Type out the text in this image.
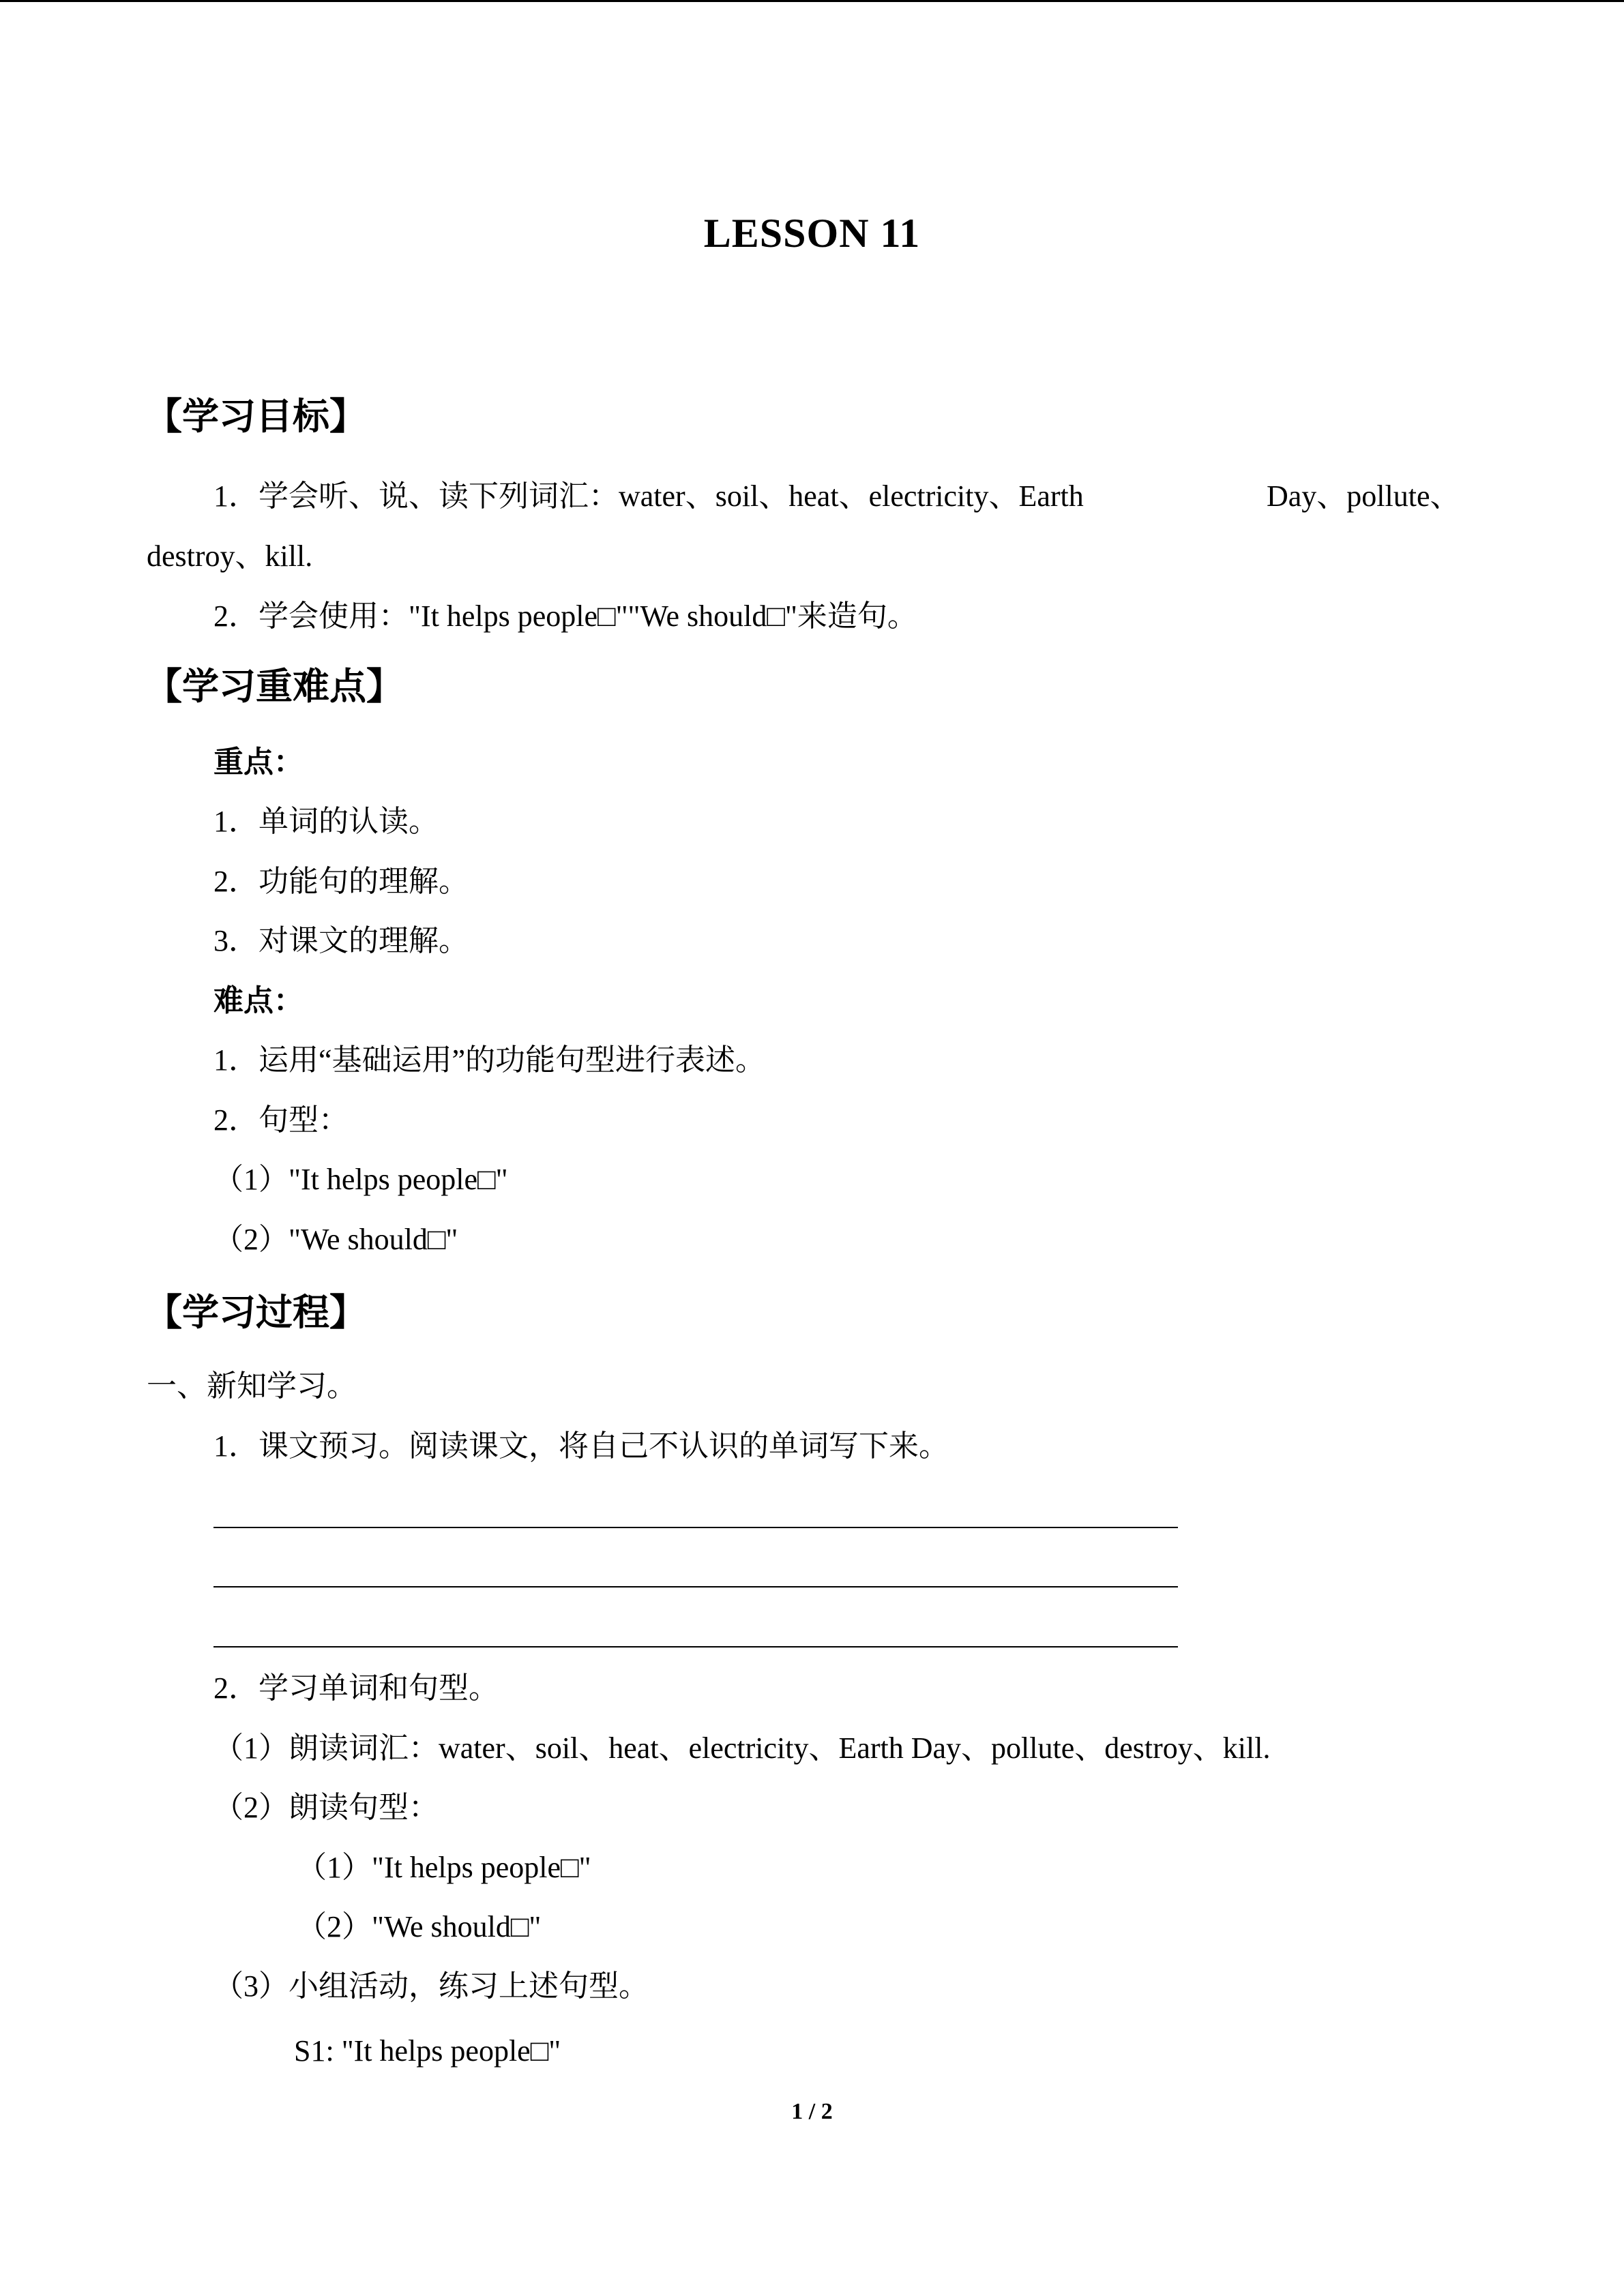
LESSON 11
【学习目标】
1．学会听、说、读下列词汇：water、soil、heat、electricity、Earth	Day、pollute、
destroy、kill.
2．学会使用："It helps people□""We should□"来造句。
【学习重难点】
重点：
1．单词的认读。
2．功能句的理解。
3．对课文的理解。
难点：
1．运用“基础运用”的功能句型进行表述。
2．句型：
（1）"It helps people□"
（2）"We should□"
【学习过程】
一、新知学习。
1．课文预习。阅读课文，将自己不认识的单词写下来。
2．学习单词和句型。
（1）朗读词汇：water、soil、heat、electricity、Earth Day、pollute、destroy、kill.
（2）朗读句型：
（1）"It helps people□"
（2）"We should□"
（3）小组活动，练习上述句型。
S1: "It helps people□"
1 / 2
